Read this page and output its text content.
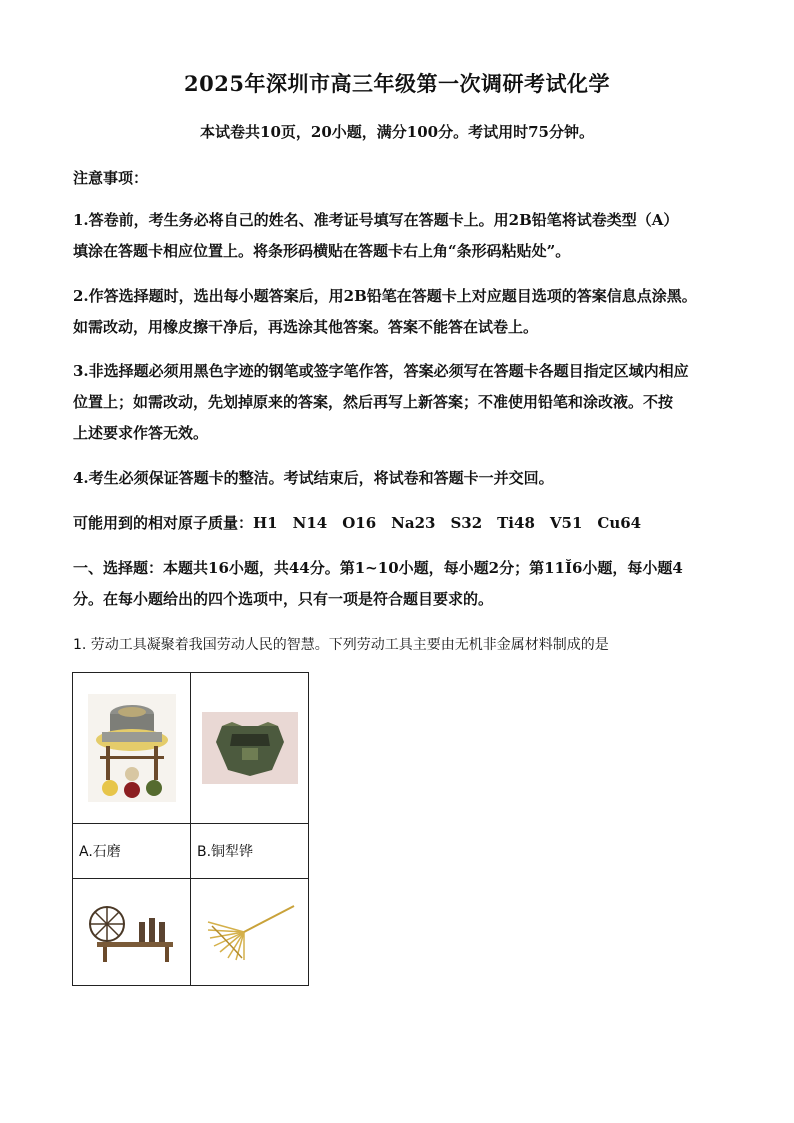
2025年深圳市高三年级第一次调研考试化学
本试卷共10页，20小题，满分100分。考试用时75分钟。
注意事项：
1.答卷前，考生务必将自己的姓名、准考证号填写在答题卡上。用2B铅笔将试卷类型（A）
填涂在答题卡相应位置上。将条形码横贴在答题卡右上角“条形码粘贴处”。
2.作答选择题时，选出每小题答案后，用2B铅笔在答题卡上对应题目选项的答案信息点涂黑。
如需改动，用橡皮擦干净后，再选涂其他答案。答案不能答在试卷上。
3.非选择题必须用黑色字迹的钢笔或签字笔作答，答案必须写在答题卡各题目指定区域内相应
位置上；如需改动，先划掉原来的答案，然后再写上新答案；不准使用铅笔和涂改液。不按
上述要求作答无效。
4.考生必须保证答题卡的整洁。考试结束后，将试卷和答题卡一并交回。
可能用到的相对原子质量：H1　N14　O16　Na23　S32　Ti48　V51　Cu64
一、选择题：本题共16小题，共44分。第1~10小题，每小题2分；第11Ĭ6小题，每小题4
分。在每小题给出的四个选项中，只有一项是符合题目要求的。
1. 劳动工具凝聚着我国劳动人民的智慧。下列劳动工具主要由无机非金属材料制成的是

A.石磨	B.铜犁铧
